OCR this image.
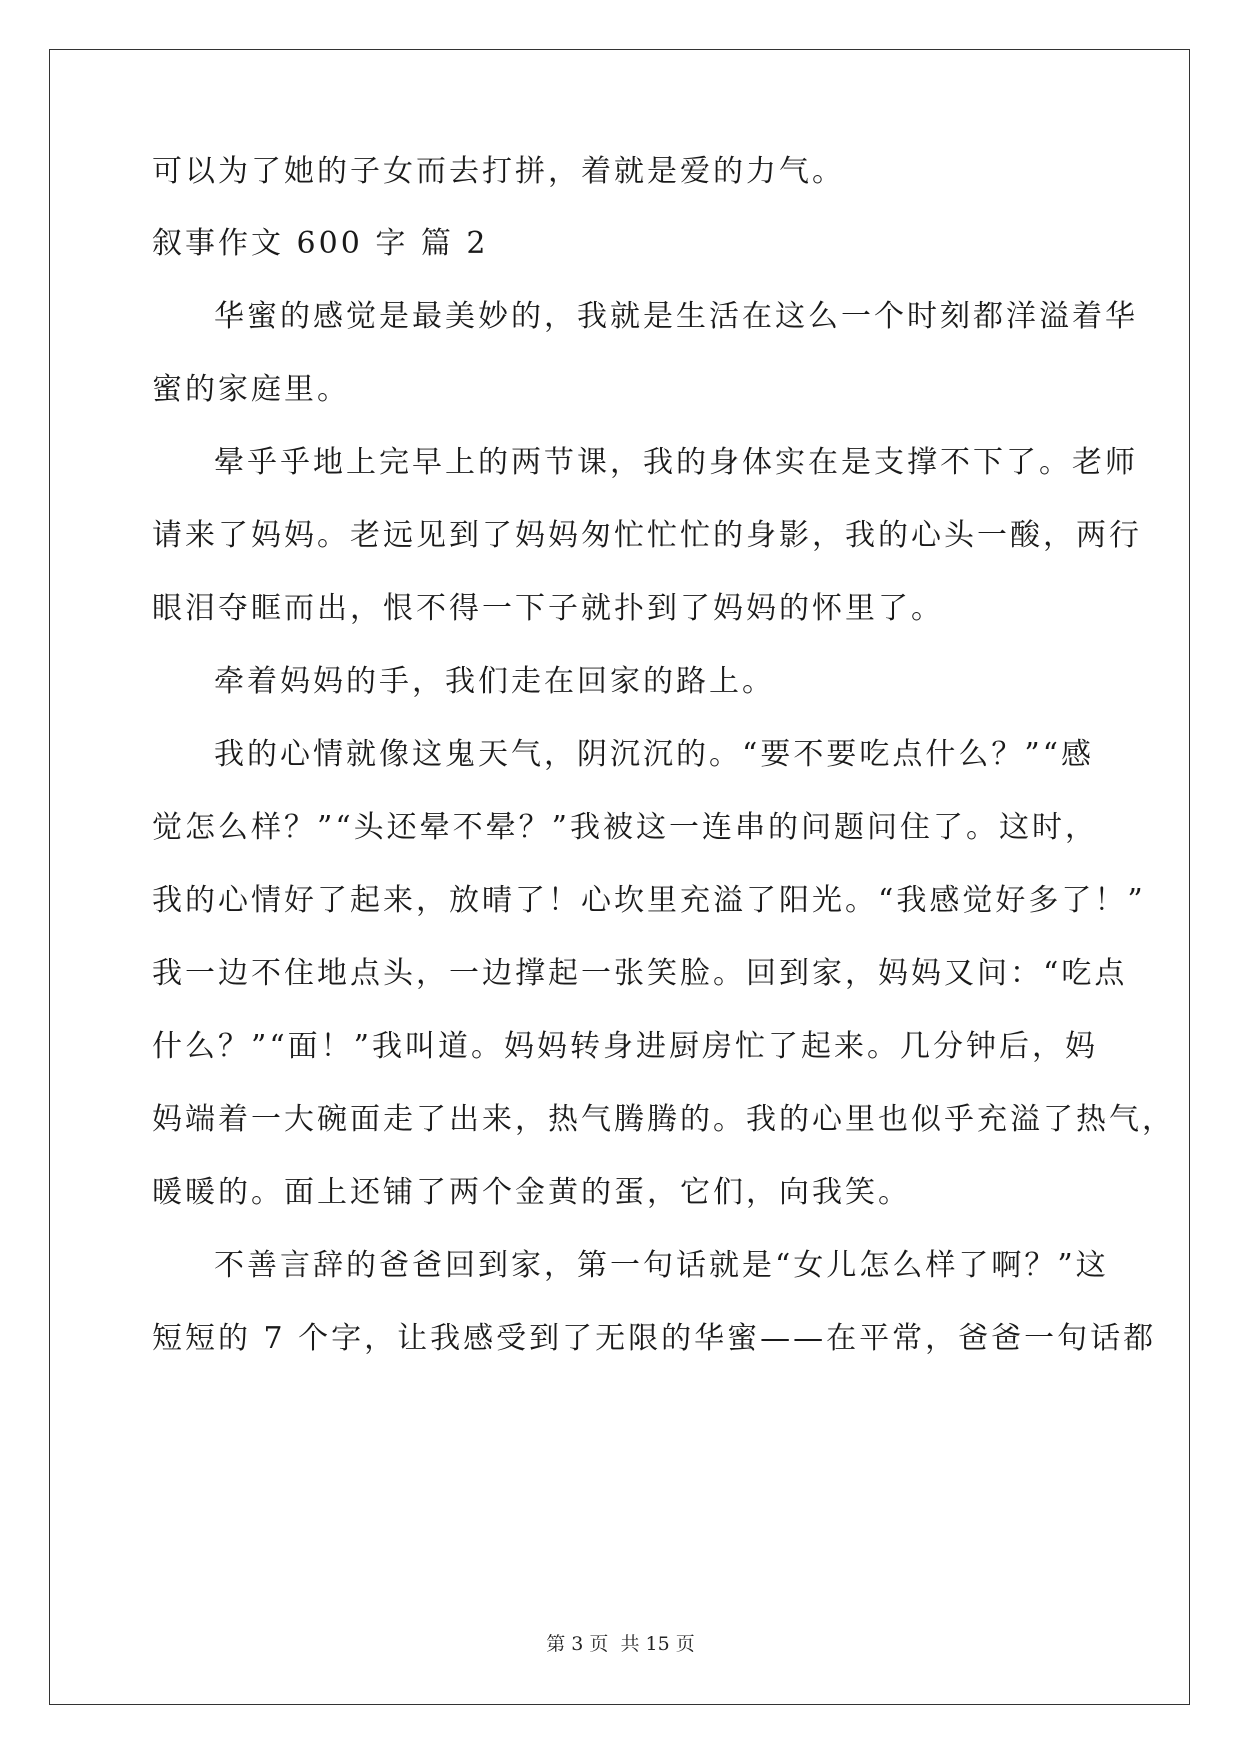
可以为了她的子女而去打拼，着就是爱的力气。
叙事作文 600 字 篇 2
华蜜的感觉是最美妙的，我就是生活在这么一个时刻都洋溢着华
蜜的家庭里。
晕乎乎地上完早上的两节课，我的身体实在是支撑不下了。老师
请来了妈妈。老远见到了妈妈匆忙忙忙的身影，我的心头一酸，两行
眼泪夺眶而出，恨不得一下子就扑到了妈妈的怀里了。
牵着妈妈的手，我们走在回家的路上。
我的心情就像这鬼天气，阴沉沉的。“要不要吃点什么？”“感
觉怎么样？”“头还晕不晕？”我被这一连串的问题问住了。这时，
我的心情好了起来，放晴了！心坎里充溢了阳光。“我感觉好多了！”
我一边不住地点头，一边撑起一张笑脸。回到家，妈妈又问：“吃点
什么？”“面！”我叫道。妈妈转身进厨房忙了起来。几分钟后，妈
妈端着一大碗面走了出来，热气腾腾的。我的心里也似乎充溢了热气，
暖暖的。面上还铺了两个金黄的蛋，它们，向我笑。
不善言辞的爸爸回到家，第一句话就是“女儿怎么样了啊？”这
短短的 7 个字，让我感受到了无限的华蜜——在平常，爸爸一句话都
第 3 页 共 15 页
